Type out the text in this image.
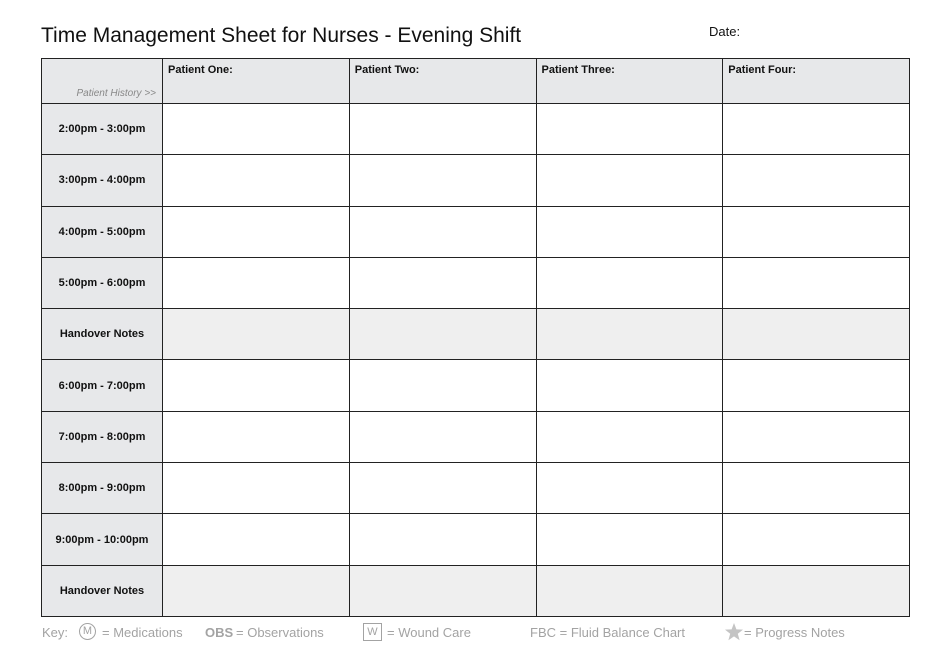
Time Management Sheet for Nurses - Evening Shift	Date:
Patient History >>	Patient One:	Patient Two:	Patient Three:	Patient Four:
2:00pm - 3:00pm				
3:00pm - 4:00pm				
4:00pm - 5:00pm				
5:00pm - 6:00pm				
Handover Notes				
6:00pm - 7:00pm				
7:00pm - 8:00pm				
8:00pm - 9:00pm				
9:00pm - 10:00pm				
Handover Notes				
Key:	M = Medications OBS = Observations	W = Wound Care	FBC = Fluid Balance Chart	= Progress Notes
